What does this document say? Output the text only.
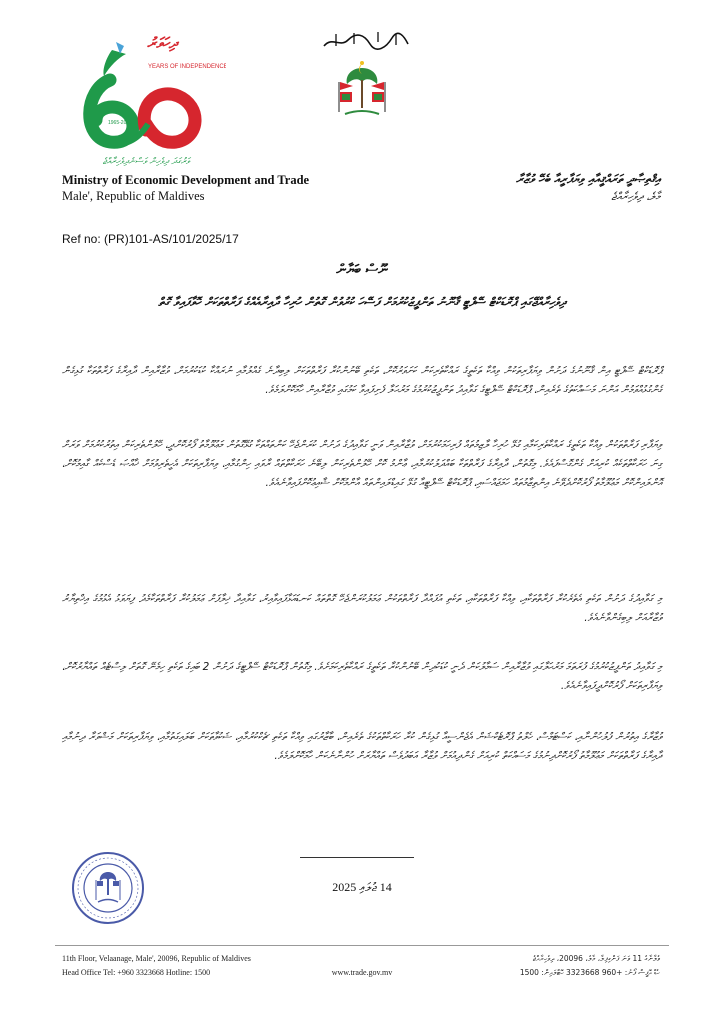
ދިހަވަރު
YEARS OF INDEPENDENCE
1965-2025
ވަރުގަދަ ދިވެހިން ވަސްނެދިވެހިރާއްޖެ
Ministry of Economic Development and Trade
Male', Republic of Maldives
އިޤްތިޞާދީ ތަރައްޤީއާއި ވިޔަފާރީއާ ބެހޭ ވުޒާރާ
މާލެ، ދިވެހިރާއްޖެ
Ref no: (PR)101-AS/101/2025/17
ނޫސް ބަޔާން
ދިވެހިރާއްޖޭގައި ޕްރޮޑަކްޓް ސޭފްޓީ ޤާނޫނު ތަންފީޒުކުރުމަށް ފަސޭހަ ކުރުވުން ގޮތުން ހުރިހާ ދާއިރާއެއްގެ ފަރާތްތަކަށް ހޮވާފައިވާ ގޮތް
ޕްރޮޑަކްޓް ސޭފްޓީ އިން ޤާނޫނުގެ ދަށުން ވިޔަފާރިތަކުން ވިއްކާ ތަކެތީގެ ރައްކާތެރިކަން ކަށަވަރުކޮށް، ތަކެތި ބޭނުންކުރާ ފަރާތްތަކަށް ލިބިދާނެ ގެއްލުމާއި ނުރައްކާ ކުޑަކުރުމަށް، ވުޒާރާއިން ދާއިރާގެ ފަރާތްތަކާ ގުޅިގެން ގެންގުޅުއްވަމުން އަންނަ މަސައްކަތުގެ ތެރެއިން، ޕްރޮޑަކްޓް ސޭފްޓީގެ ގަވާއިދު ތަންފީޒުކުރުމުގެ މަރުޙަލާ ފެށިފައިވާ ކަމުގައި ވުޒާރާއިން ހާމަކޮށްލަމެވެ.
ވިޔަފާރި ފަރާތްތަކުން ވިއްކާ ތަކެތީގެ ރައްކާތެރިކަމާއި ގުޅޭ ހުރިހާ ލާޒިމުތައް ފުރިހަމަކުރުމަށް، ވުޒާރާއިން ވަނީ ގަވާއިދުގެ ދަށުން ކުރަންޖެހޭ ކަންތައްތަކާ ގުޅޭގޮތުން މަޢުލޫމާތު ފޯރުކޮށްދީ، ހޭލުންތެރިކަން އިތުރުކުރުމަށް ވަރަށް ގިނަ ހަރަކާތްތަކެއް ކުރިއަށް ގެންގޮސްފައެވެ. މިގޮތުން، ދާއިރާގެ ފަރާތްތަކާ ބައްދަލުކުރުމާއި، ޢާންމު ކޮށް ހޭލުންތެރިކަން ލިބޭނެ ހަރަކާތްތައް ރާވައި ހިންގުމާއި، ވިޔަފާރިތަކަށް އެހީތެރިވުމަށް ޚާއްޞަ ޑެސްކެއް ގާއިމުކޮށް، އޮންލައިންކޮށް މަޢުލޫމާތު ފޯރުކޮށްދެވޭނެ އިންތިޒާމުތައް ހަމަޖައްސައި، ޕްރޮޑަކްޓް ސޭފްޓީއާ ގުޅޭ ގައިޑްލައިންތައް އާންމުކޮށް ޝާއިޢުކޮށްފައިވާނެއެވެ.
މި ގަވާއިދުގެ ދަށުން ތަކެތި އެތެރެކުރާ ފަރާތްތަކާއި، ވިއްކާ ފަރާތްތަކާއި، ތަކެތި އުފައްދާ ފަރާތްތަކުން ޢަމަލުކުރަންޖެހޭ ގޮތްތައް ކަނޑައަޅާފައިވާއިރު، ގަވާއިދާ ޚިލާފަށް ޢަމަލުކުރާ ފަރާތްތަކާމެދު ފިޔަވަޅު އެޅުމުގެ އިޚްތިޔާރު ވުޒާރާއަށް ލިބިގެންވާނެއެވެ.
މި ގަވާއިދު ތަންފީޒުކުރުމުގެ ފުރަތަމަ މަރުޙަލާގައި ވުޒާރާއިން ސަމާލުކަން ދެނީ ކުޑަކުދިން ބޭނުންކުރާ ތަކެތީގެ ރައްކާތެރިކަމަށެވެ. މިގޮތުން ޕްރޮޑަކްޓް ސޭފްޓީގެ ދަށުން 2 ބައިގެ ތަކެތި ހިމެނޭ ގޮތަށް ލިސްޓެއް ތައްޔާރުކޮށް، ވިޔަފާރިތަކަށް ފޯރުކޮށްދީފައިވާނެއެވެ.
ވުޒާރާގެ އިތުރުން ފުލުހުންނާއި، ކަސްޓަމްސް، ހެލްތު ޕްރޮޓެކްޝަން އެޖެންސީއާ ގުޅިގެން ކުރާ ހަރަކާތްތަކުގެ ތެރެއިން، ބާޒާރުގައި ވިއްކާ ތަކެތި ޗެކްކުރުމާއި، ޝަކުވާތަކަށް ބަލައިގަތުމާއި، ވިޔަފާރިތަކަށް މަޝްވަރާ ދިނުމާއި ދާއިރާގެ ފަރާތްތަކަށް މަޢުލޫމާތު ފޯރުކޮށްދިނުމުގެ މަސައްކަތް ކުރިއަށް ގެންދިއުމަށް ވުޒާރާ އަބަދުވެސް ތައްޔާރަށް ހުންނާނެކަން ހާމަކޮށްލަމެވެ.
14 ޖުލައި 2025
11th Floor, Velaanage, Male', 20096, Republic of Maldives
Head Office Tel: +960 3323668 Hotline: 1500	www.trade.gov.mv
ވެލާނާގެ 11 ވަނަ ފަންގިފިލާ، މާލެ، 20096، ދިވެހިރާއްޖެ
ހެޑް އޮފީސް ފޯނު: +960 3323668 ހޮޓްލައިން: 1500
